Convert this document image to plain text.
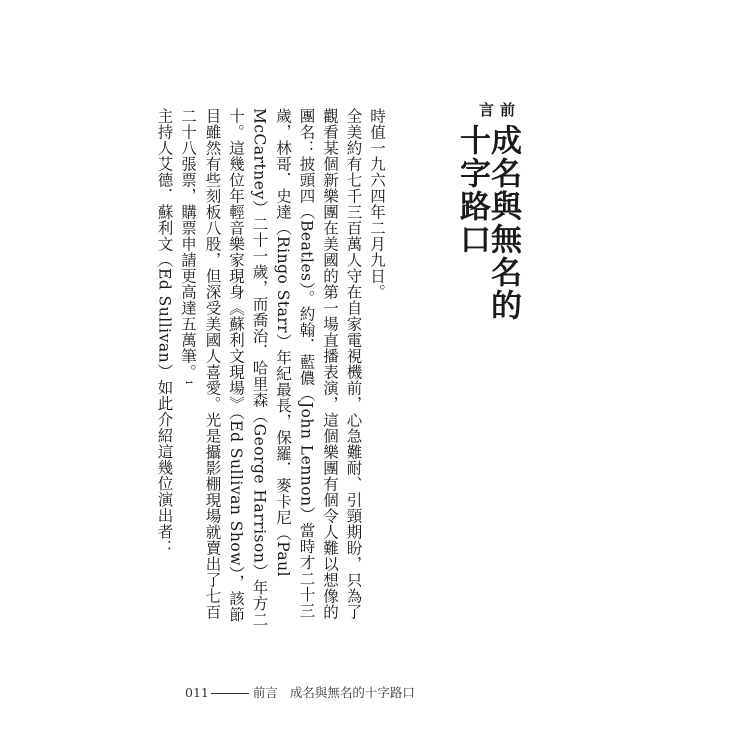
前言
成名與無名的十字路口

時值一九六四年二月九日。

全美約有七千三百萬人守在自家電視機前，心急難耐、引頸期盼，只為了觀看某個新樂團在美國的第一場直播表演，這個樂團有個令人難以想像的團名：披頭四（Beatles）。約翰．藍儂（John Lennon）當時才二十三歲，林哥．史達（Ringo Starr）年紀最長，保羅．麥卡尼（Paul McCartney）二十一歲，而喬治．哈里森（George Harrison）年方二十。這幾位年輕音樂家現身《蘇利文現場》（Ed Sullivan Show），該節目雖然有些刻板八股，但深受美國人喜愛。光是攝影棚現場就賣出了七百二十八張票，購票申請更高達五萬筆。1

主持人艾德．蘇利文（Ed Sullivan）如此介紹這幾位演出者：

011	前言 成名與無名的十字路口
